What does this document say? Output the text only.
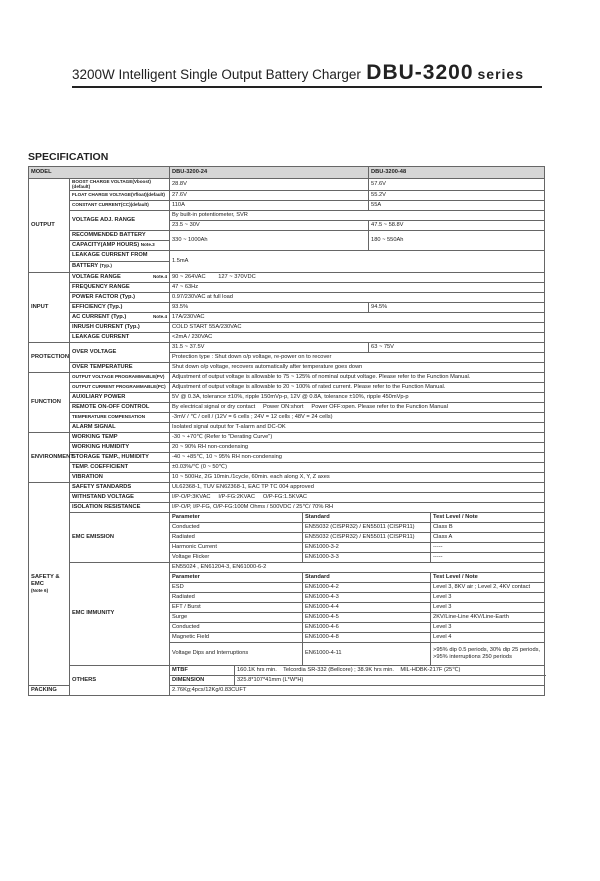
3200W Intelligent Single Output Battery Charger DBU-3200 series
SPECIFICATION
MODEL		DBU-3200-24			DBU-3200-48	
OUTPUT	BOOST CHARGE VOLTAGE(Vboost)(default)	28.8V			57.6V	
	FLOAT CHARGE VOLTAGE(Vfloat)(default)	27.6V			55.2V	
	CONSTANT CURRENT(CC)(default)	110A			55A	
	VOLTAGE ADJ. RANGE	By built-in potentiometer, SVR				
		23.5 ~ 30V			47.5 ~ 58.8V	
	RECOMMENDED BATTERY	330 ~ 1000Ah			180 ~ 550Ah	
	CAPACITY(AMP HOURS) Note.3					
	LEAKAGE CURRENT FROM	1.5mA				
	BATTERY (Typ.)					
INPUT	VOLTAGE RANGE Note.4	90 ~ 264VAC        127 ~ 370VDC				
	FREQUENCY RANGE	47 ~ 63Hz				
	POWER FACTOR (Typ.)	0.97/230VAC at full load				
	EFFICIENCY (Typ.)	93.5%			94.5%	
	AC CURRENT (Typ.) Note.4	17A/230VAC				
	INRUSH CURRENT (Typ.)	COLD START 55A/230VAC				
	LEAKAGE CURRENT	<2mA / 230VAC				
PROTECTION	OVER VOLTAGE	31.5 ~ 37.5V			63 ~ 75V	
		Protection type : Shut down o/p voltage, re-power on to recover				
	OVER TEMPERATURE	Shut down o/p voltage, recovers automatically after temperature goes down				
FUNCTION	OUTPUT VOLTAGE PROGRAMMABLE(PV)	Adjustment of output voltage is allowable to 75 ~ 125% of nominal output voltage. Please refer to the Function Manual.				
	OUTPUT CURRENT PROGRAMMABLE(PC)	Adjustment of output voltage is allowable to 20 ~ 100% of rated current. Please refer to the Function Manual.				
	AUXILIARY POWER	5V @ 0.3A, tolerance ±10%, ripple 150mVp-p, 12V @ 0.8A, tolerance ±10%, ripple 450mVp-p				
	REMOTE ON-OFF CONTROL	By electrical signal or dry contact     Power ON:short     Power OFF:open. Please refer to the Function Manual				
	TEMPERATURE COMPENSATION	-3mV / ℃ / cell / (12V = 6 cells ; 24V = 12 cells ; 48V = 24 cells)				
	ALARM SIGNAL	Isolated signal output for T-alarm and DC-OK				
ENVIRONMENT	WORKING TEMP	-30 ~ +70℃ (Refer to "Derating Curve")				
	WORKING HUMIDITY	20 ~ 90% RH non-condensing				
	STORAGE TEMP., HUMIDITY	-40 ~ +85℃, 10 ~ 95% RH non-condensing				
	TEMP. COEFFICIENT	±0.03%/℃ (0 ~ 50℃)				
	VIBRATION	10 ~ 500Hz, 2G 10min./1cycle, 60min. each along X, Y, Z axes				

SAFETY &
EMC
(Note 6)	SAFETY STANDARDS	UL62368-1, TUV EN62368-1, EAC TP TC 004 approved				
	WITHSTAND VOLTAGE	I/P-O/P:3KVAC     I/P-FG:2KVAC     O/P-FG:1.5KVAC				
	ISOLATION RESISTANCE	I/P-O/P, I/P-FG, O/P-FG:100M Ohms / 500VDC / 25℃/ 70% RH				
	EMC EMISSION	Parameter		Standard		Test Level / Note
		Conducted		EN55032 (CISPR32) / EN55011 (CISPR11)		Class B
		Radiated		EN55032 (CISPR32) / EN55011 (CISPR11)		Class A
		Harmonic Current		EN61000-3-2		-----
		Voltage Flicker		EN61000-3-3		-----
	EMC IMMUNITY	EN55024 , EN61204-3, EN61000-6-2				
		Parameter		Standard		Test Level / Note
		ESD		EN61000-4-2		Level 3, 8KV air ; Level 2, 4KV contact
		Radiated		EN61000-4-3		Level 3
		EFT / Burst		EN61000-4-4		Level 3
		Surge		EN61000-4-5		2KV/Line-Line 4KV/Line-Earth
		Conducted		EN61000-4-6		Level 3
		Magnetic Field		EN61000-4-8		Level 4
		Voltage Dips and Interruptions		EN61000-4-11		>95% dip 0.5 periods, 30% dip 25 periods,
>95% interruptions 250 periods

	OTHERS	MTBF	160.1K hrs min.    Telcordia SR-332 (Bellcore) ; 38.9K hrs min.    MIL-HDBK-217F (25℃)			
		DIMENSION	325.8*107*41mm (L*W*H)			
PACKING		2.76Kg;4pcs/12Kg/0.83CUFT				
